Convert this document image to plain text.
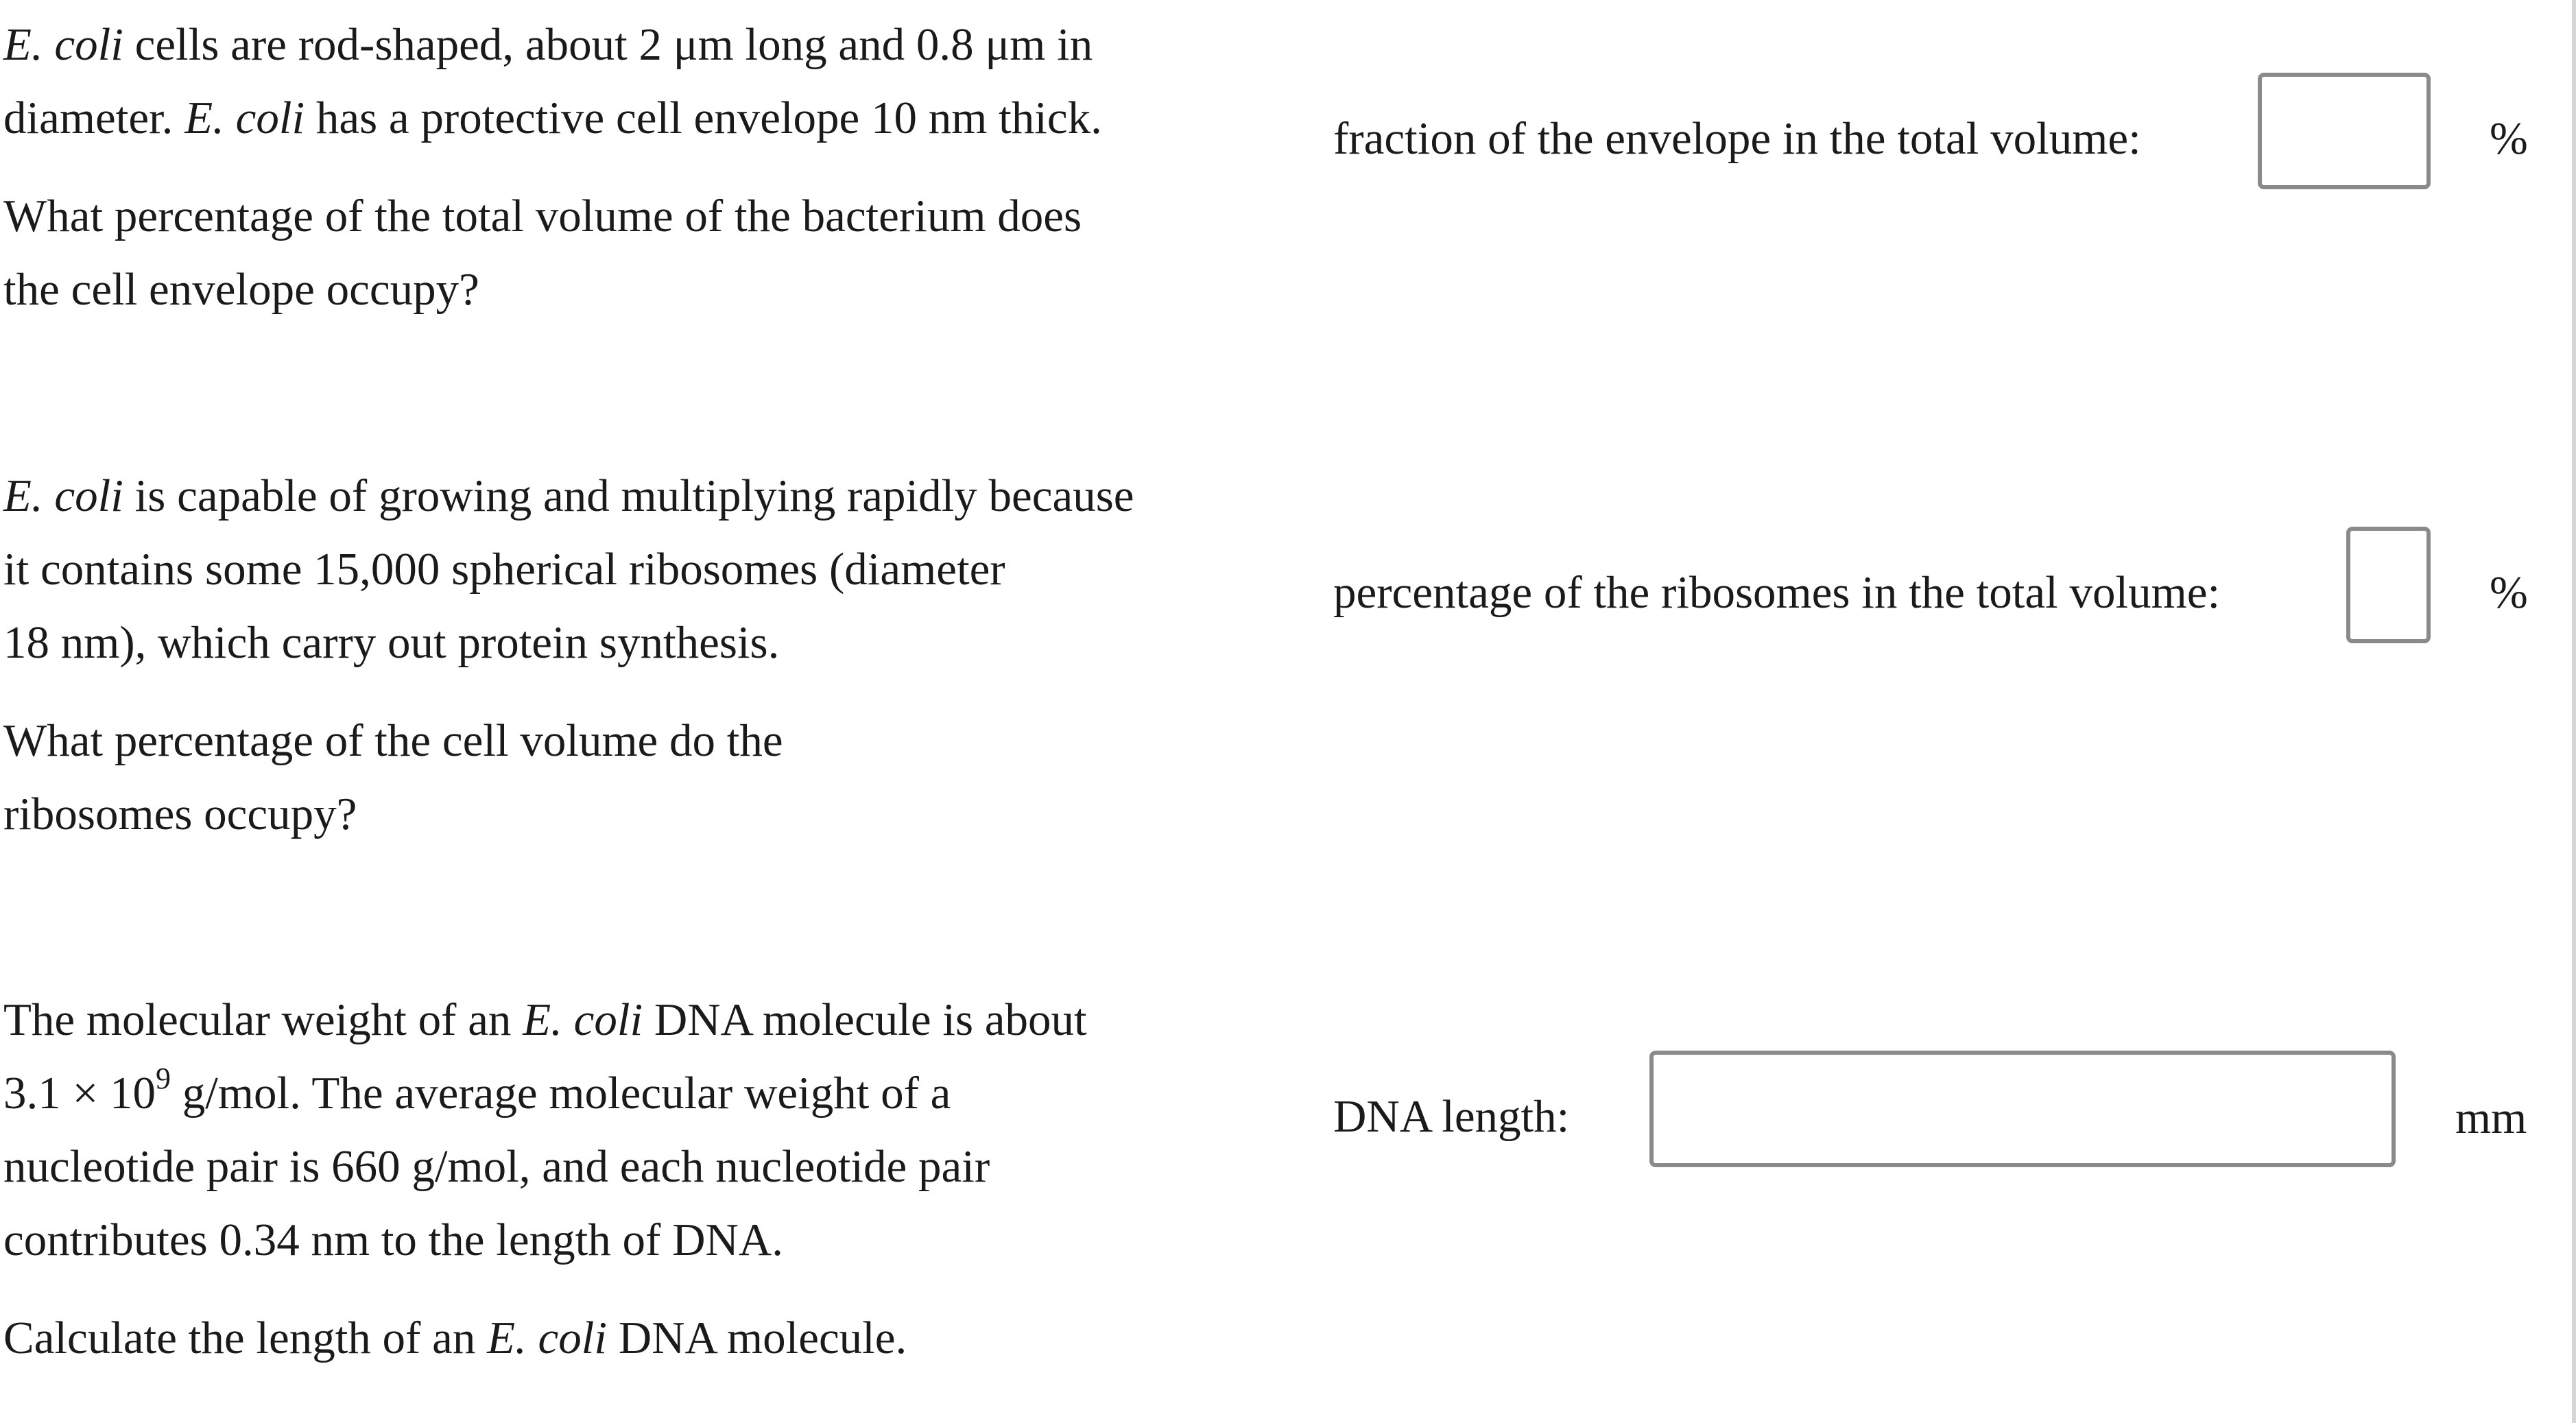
E. coli cells are rod-shaped, about 2 μm long and 0.8 μm in

diameter. E. coli has a protective cell envelope 10 nm thick.

What percentage of the total volume of the bacterium does

the cell envelope occupy?

fraction of the envelope in the total volume:	%

E. coli is capable of growing and multiplying rapidly because

it contains some 15,000 spherical ribosomes (diameter

18 nm), which carry out protein synthesis.

What percentage of the cell volume do the

ribosomes occupy?

percentage of the ribosomes in the total volume:	%

The molecular weight of an E. coli DNA molecule is about

$3.1 \times 10^9$ g/mol. The average molecular weight of a

nucleotide pair is 660 g/mol, and each nucleotide pair

contributes 0.34 nm to the length of DNA.

Calculate the length of an E. coli DNA molecule.

DNA length:	mm
